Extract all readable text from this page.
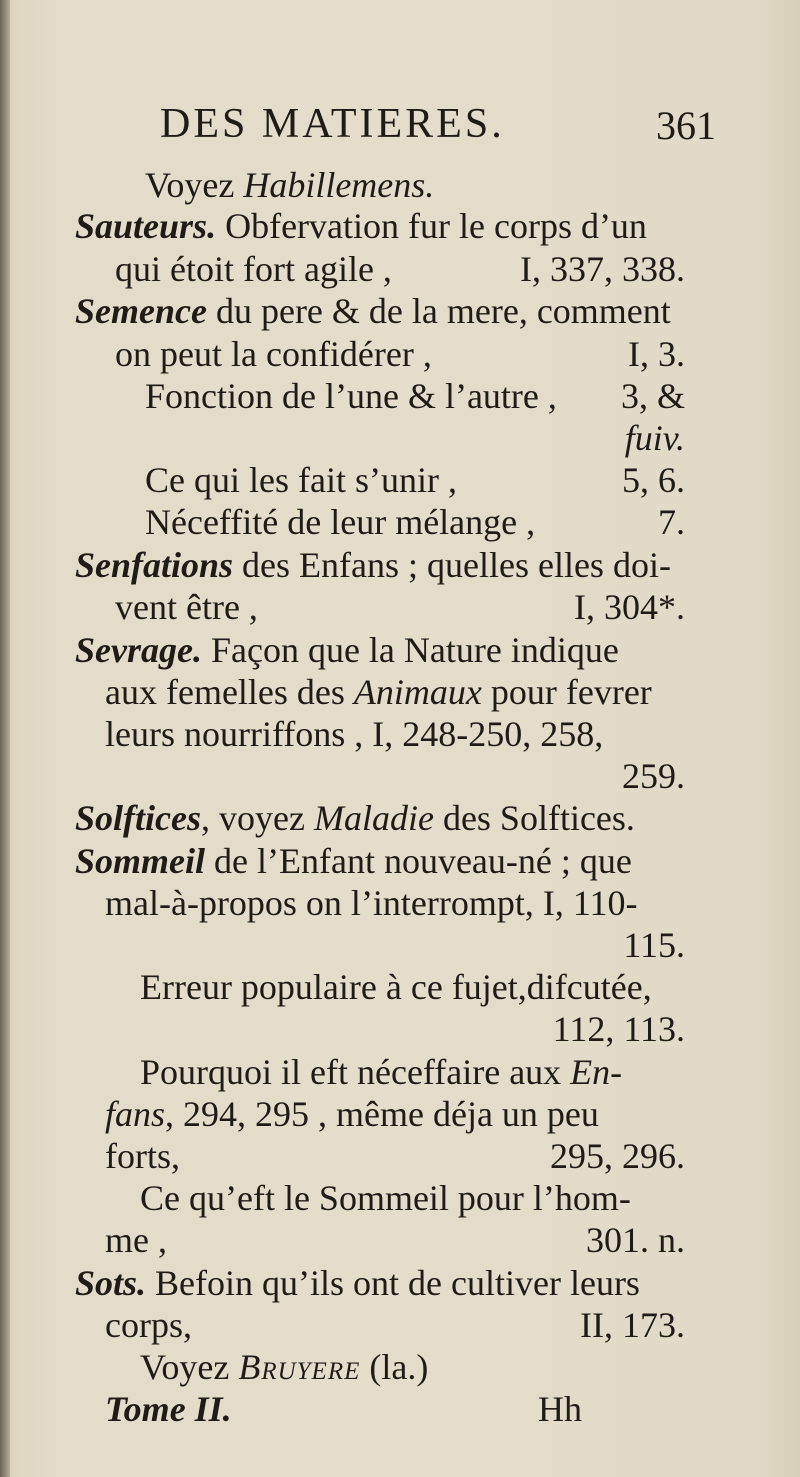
DES MATIERES.	361
Voyez Habillemens.
Sauteurs. Obfervation fur le corps d’un
qui étoit fort agile ,	I, 337, 338.
Semence du pere & de la mere, comment
on peut la confidérer ,	I, 3.
Fonction de l’une & l’autre , 3, &
fuiv.
Ce qui les fait s’unir ,	5, 6.
Néceffité de leur mélange ,	7.
Senfations des Enfans ; quelles elles doi-
vent être ,	I, 304*.
Sevrage. Façon que la Nature indique
aux femelles des Animaux pour fevrer
leurs nourriffons , I, 248-250, 258,
259.
Solftices, voyez Maladie des Solftices.
Sommeil de l’Enfant nouveau-né ; que
mal-à-propos on l’interrompt, I, 110-
115.
Erreur populaire à ce fujet,difcutée,
112, 113.
Pourquoi il eft néceffaire aux En-
fans, 294, 295 , même déja un peu
forts,	295, 296.
Ce qu’eft le Sommeil pour l’hom-
me ,	301. n.
Sots. Befoin qu’ils ont de cultiver leurs
corps,	II, 173.
Voyez Bruyere (la.)
Tome II.	Hh
